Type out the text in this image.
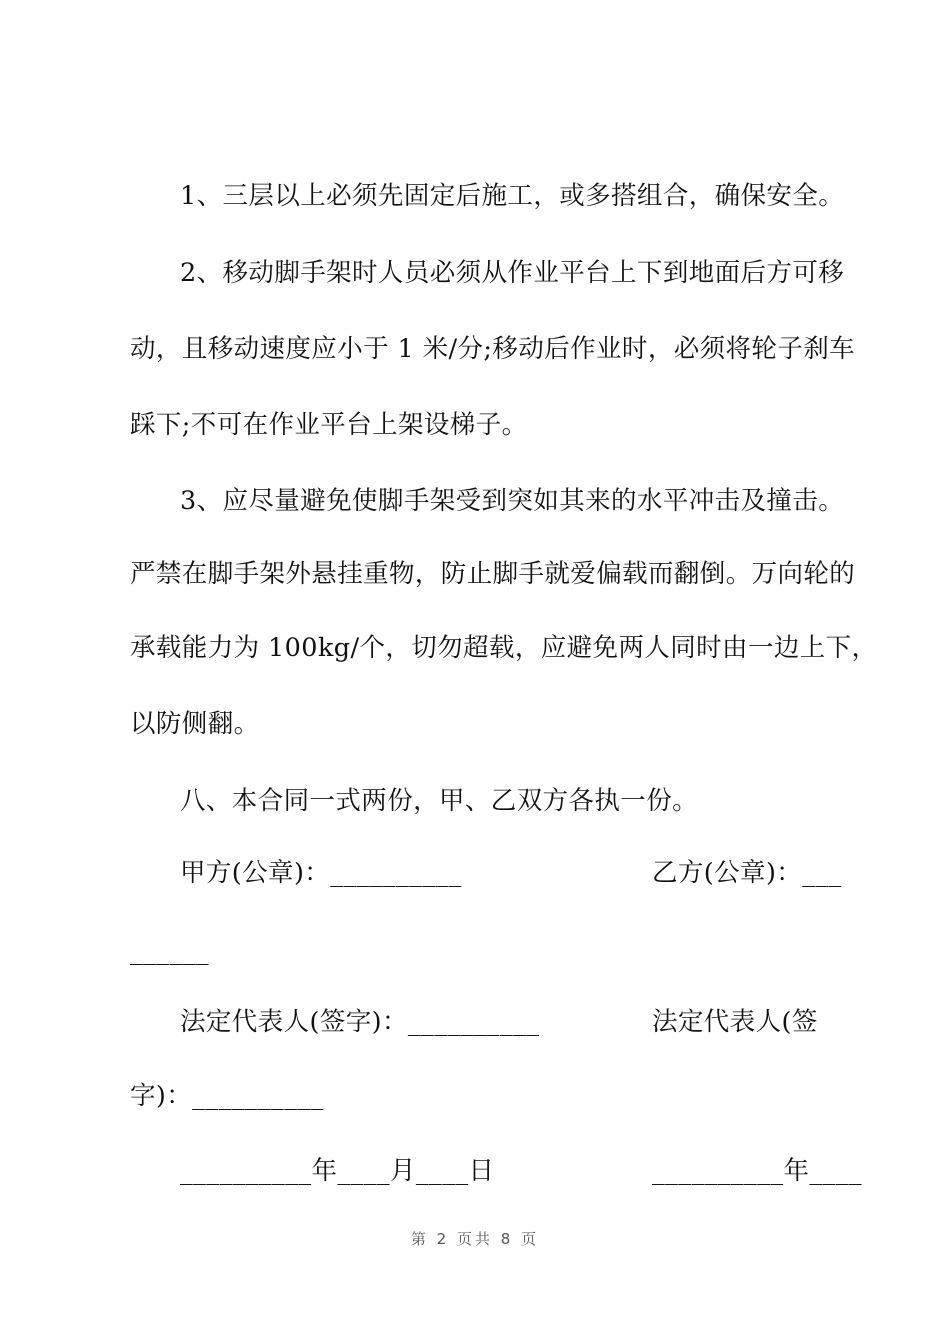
1、三层以上必须先固定后施工，或多搭组合，确保安全。
2、移动脚手架时人员必须从作业平台上下到地面后方可移
动，且移动速度应小于 1 米/分;移动后作业时，必须将轮子刹车
踩下;不可在作业平台上架设梯子。
3、应尽量避免使脚手架受到突如其来的水平冲击及撞击。
严禁在脚手架外悬挂重物，防止脚手就爱偏载而翻倒。万向轮的
承载能力为 100kg/个，切勿超载，应避免两人同时由一边上下，
以防侧翻。
八、本合同一式两份，甲、乙双方各执一份。
甲方(公章)：__________	乙方(公章)：___
______
法定代表人(签字)：__________	法定代表人(签
字)：__________
__________年____月____日	__________年____
第 2 页共 8 页
